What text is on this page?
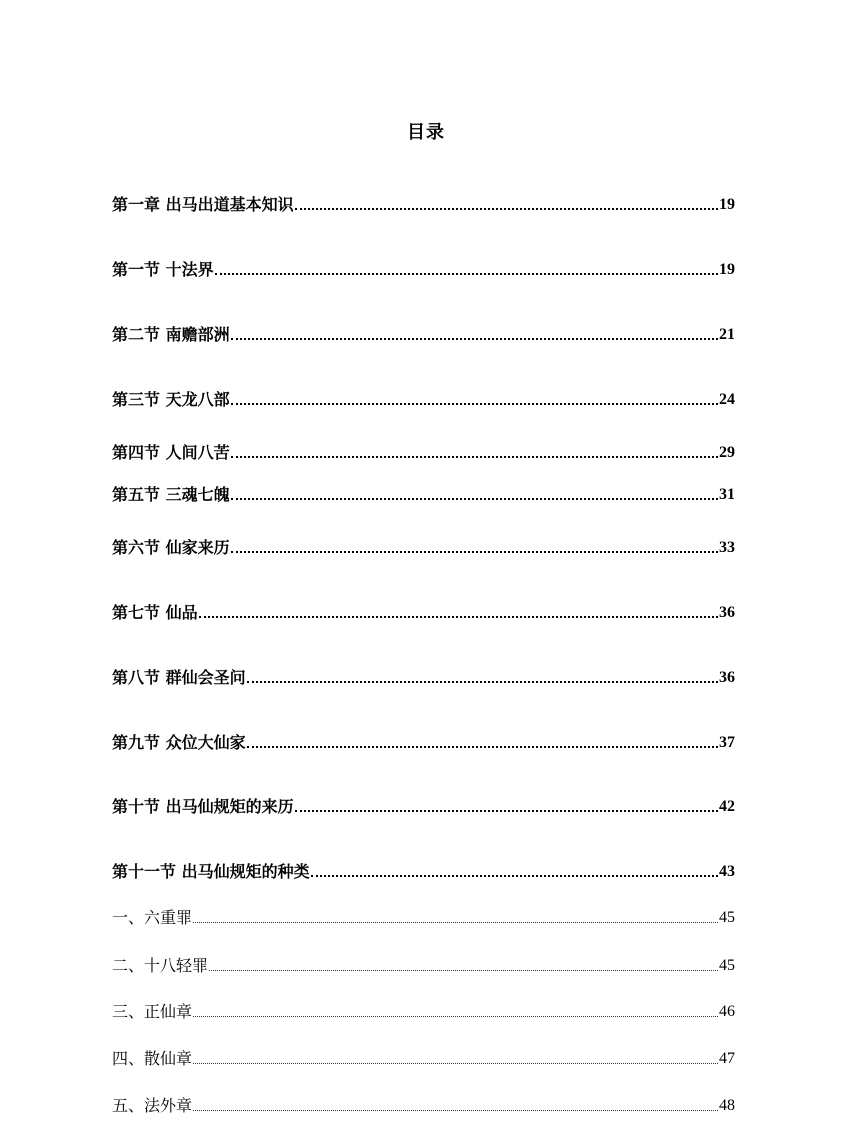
目录
第一章 出马出道基本知识	19
第一节 十法界	19
第二节 南赡部洲	21
第三节 天龙八部	24
第四节 人间八苦	29
第五节 三魂七魄	31
第六节 仙家来历	33
第七节 仙品	36
第八节 群仙会圣问	36
第九节 众位大仙家	37
第十节 出马仙规矩的来历	42
第十一节 出马仙规矩的种类	43
一、六重罪	45
二、十八轻罪	45
三、正仙章	46
四、散仙章	47
五、法外章	48
